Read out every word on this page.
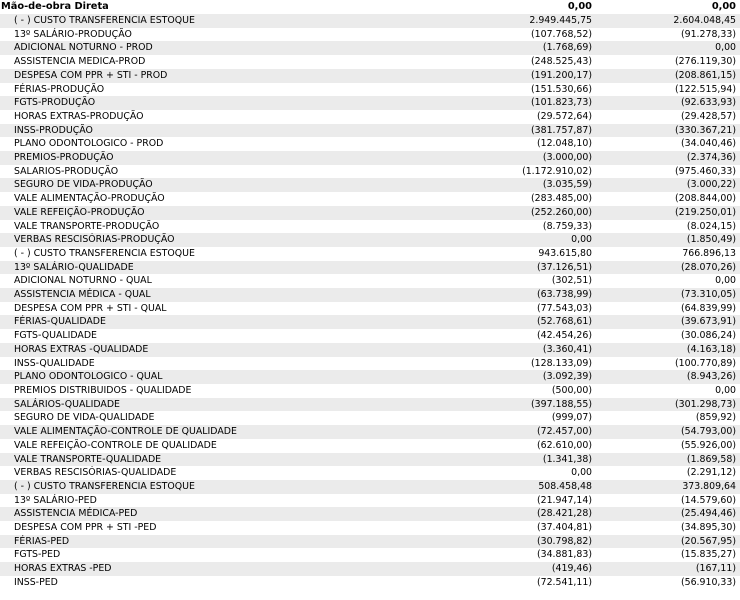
Mão-de-obra Direta	0,00	0,00
( - ) CUSTO TRANSFERENCIA ESTOQUE	2.949.445,75	2.604.048,45
13º SALÁRIO-PRODUÇÃO	(107.768,52)	(91.278,33)
ADICIONAL NOTURNO - PROD	(1.768,69)	0,00
ASSISTENCIA MEDICA-PROD	(248.525,43)	(276.119,30)
DESPESA COM PPR + STI - PROD	(191.200,17)	(208.861,15)
FÉRIAS-PRODUÇÃO	(151.530,66)	(122.515,94)
FGTS-PRODUÇÃO	(101.823,73)	(92.633,93)
HORAS EXTRAS-PRODUÇÃO	(29.572,64)	(29.428,57)
INSS-PRODUÇÃO	(381.757,87)	(330.367,21)
PLANO ODONTOLOGICO - PROD	(12.048,10)	(34.040,46)
PREMIOS-PRODUÇÃO	(3.000,00)	(2.374,36)
SALARIOS-PRODUÇÃO	(1.172.910,02)	(975.460,33)
SEGURO DE VIDA-PRODUÇÃO	(3.035,59)	(3.000,22)
VALE ALIMENTAÇÃO-PRODUÇÃO	(283.485,00)	(208.844,00)
VALE REFEIÇÃO-PRODUÇÃO	(252.260,00)	(219.250,01)
VALE TRANSPORTE-PRODUÇÃO	(8.759,33)	(8.024,15)
VERBAS RESCISÓRIAS-PRODUÇÃO	0,00	(1.850,49)
( - ) CUSTO TRANSFERENCIA ESTOQUE	943.615,80	766.896,13
13º SALÁRIO-QUALIDADE	(37.126,51)	(28.070,26)
ADICIONAL NOTURNO - QUAL	(302,51)	0,00
ASSISTENCIA MÉDICA - QUAL	(63.738,99)	(73.310,05)
DESPESA COM PPR + STI - QUAL	(77.543,03)	(64.839,99)
FÉRIAS-QUALIDADE	(52.768,61)	(39.673,91)
FGTS-QUALIDADE	(42.454,26)	(30.086,24)
HORAS EXTRAS -QUALIDADE	(3.360,41)	(4.163,18)
INSS-QUALIDADE	(128.133,09)	(100.770,89)
PLANO ODONTOLOGICO - QUAL	(3.092,39)	(8.943,26)
PREMIOS DISTRIBUIDOS - QUALIDADE	(500,00)	0,00
SALÁRIOS-QUALIDADE	(397.188,55)	(301.298,73)
SEGURO DE VIDA-QUALIDADE	(999,07)	(859,92)
VALE ALIMENTAÇÃO-CONTROLE DE QUALIDADE	(72.457,00)	(54.793,00)
VALE REFEIÇÃO-CONTROLE DE QUALIDADE	(62.610,00)	(55.926,00)
VALE TRANSPORTE-QUALIDADE	(1.341,38)	(1.869,58)
VERBAS RESCISÓRIAS-QUALIDADE	0,00	(2.291,12)
( - ) CUSTO TRANSFERENCIA ESTOQUE	508.458,48	373.809,64
13º SALÁRIO-PED	(21.947,14)	(14.579,60)
ASSISTENCIA MÉDICA-PED	(28.421,28)	(25.494,46)
DESPESA COM PPR + STI -PED	(37.404,81)	(34.895,30)
FÉRIAS-PED	(30.798,82)	(20.567,95)
FGTS-PED	(34.881,83)	(15.835,27)
HORAS EXTRAS -PED	(419,46)	(167,11)
INSS-PED	(72.541,11)	(56.910,33)
